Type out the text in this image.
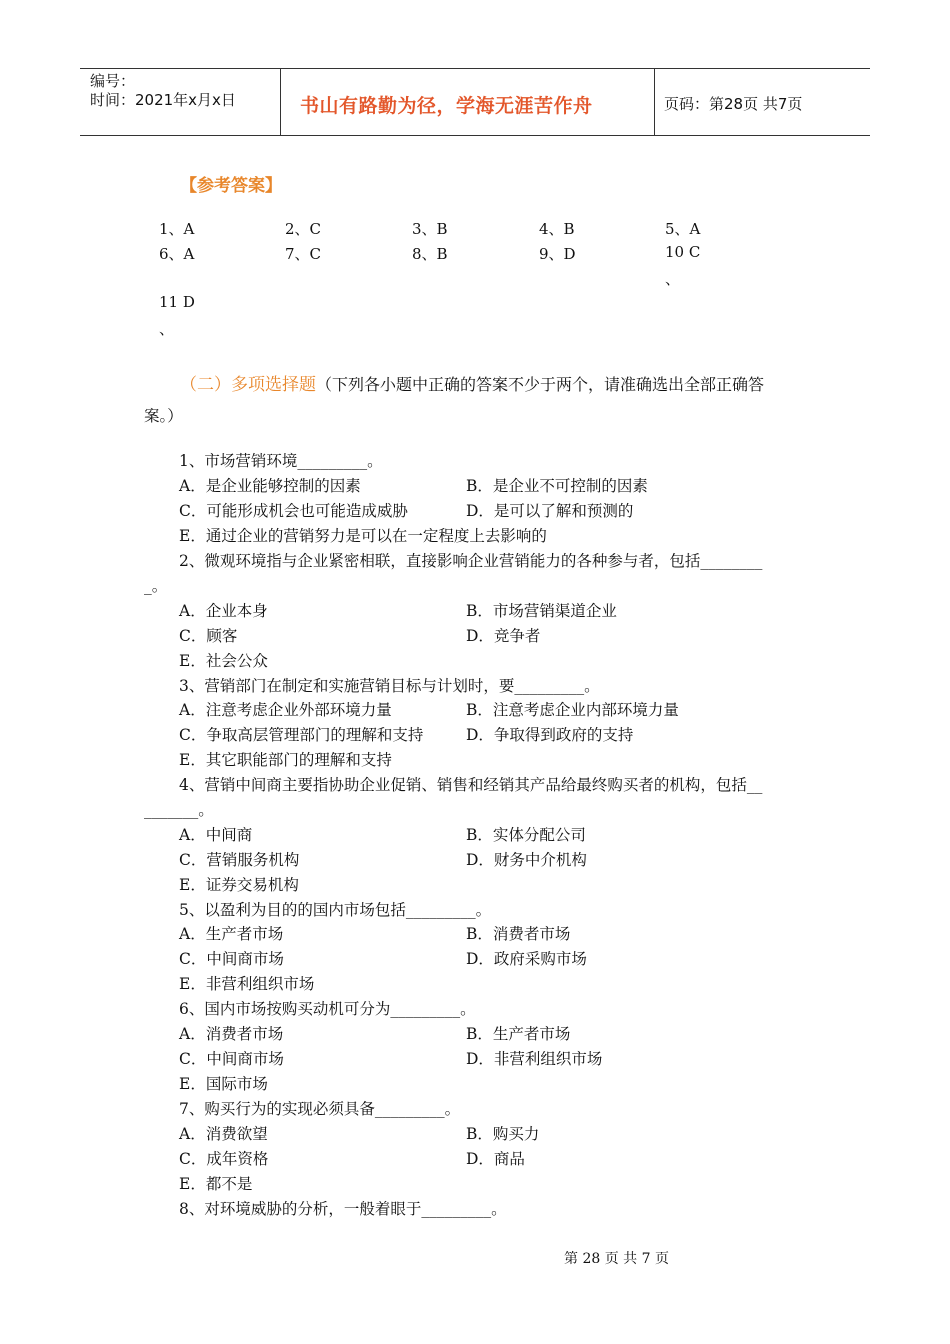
编号：
时间：2021年x月x日	书山有路勤为径，学海无涯苦作舟	页码：第28页 共7页
【参考答案】
1、A	2、C	3、B	4、B	5、A
6、A	7、C	8、B	9、D	10 C
、
11 D
、
（二）多项选择题（下列各小题中正确的答案不少于两个，请准确选出全部正确答
案。）
1、市场营销环境_________。
A．是企业能够控制的因素	B．是企业不可控制的因素
C．可能形成机会也可能造成威胁	D．是可以了解和预测的
E．通过企业的营销努力是可以在一定程度上去影响的
2、微观环境指与企业紧密相联，直接影响企业营销能力的各种参与者，包括________
_。
A．企业本身	B．市场营销渠道企业
C．顾客	D．竞争者
E．社会公众
3、营销部门在制定和实施营销目标与计划时，要_________。
A．注意考虑企业外部环境力量	B．注意考虑企业内部环境力量
C．争取高层管理部门的理解和支持	D．争取得到政府的支持
E．其它职能部门的理解和支持
4、营销中间商主要指协助企业促销、销售和经销其产品给最终购买者的机构，包括__
_______。
A．中间商	B．实体分配公司
C．营销服务机构	D．财务中介机构
E．证券交易机构
5、以盈利为目的的国内市场包括_________。
A．生产者市场	B．消费者市场
C．中间商市场	D．政府采购市场
E．非营利组织市场
6、国内市场按购买动机可分为_________。
A．消费者市场	B．生产者市场
C．中间商市场	D．非营利组织市场
E．国际市场
7、购买行为的实现必须具备_________。
A．消费欲望	B．购买力
C．成年资格	D．商品
E．都不是
8、对环境威胁的分析，一般着眼于_________。
第 28 页 共 7 页
